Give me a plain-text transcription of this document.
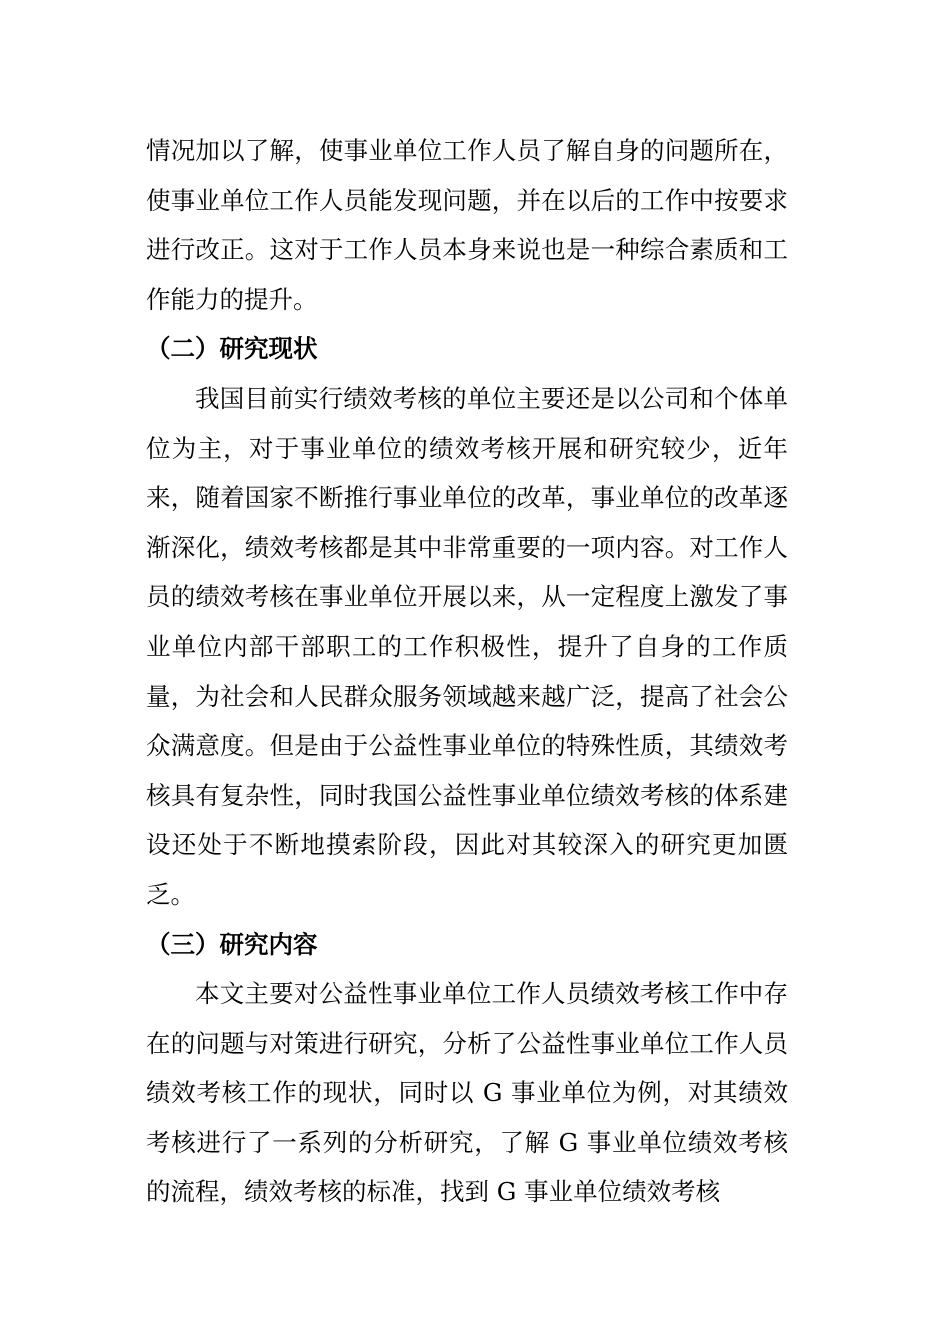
情况加以了解，使事业单位工作人员了解自身的问题所在，使事业单位工作人员能发现问题，并在以后的工作中按要求进行改正。这对于工作人员本身来说也是一种综合素质和工作能力的提升。

（二）研究现状

我国目前实行绩效考核的单位主要还是以公司和个体单位为主，对于事业单位的绩效考核开展和研究较少，近年来，随着国家不断推行事业单位的改革，事业单位的改革逐渐深化，绩效考核都是其中非常重要的一项内容。对工作人员的绩效考核在事业单位开展以来，从一定程度上激发了事业单位内部干部职工的工作积极性，提升了自身的工作质量，为社会和人民群众服务领域越来越广泛，提高了社会公众满意度。但是由于公益性事业单位的特殊性质，其绩效考核具有复杂性，同时我国公益性事业单位绩效考核的体系建设还处于不断地摸索阶段，因此对其较深入的研究更加匮乏。

（三）研究内容

本文主要对公益性事业单位工作人员绩效考核工作中存在的问题与对策进行研究，分析了公益性事业单位工作人员绩效考核工作的现状，同时以 G 事业单位为例，对其绩效考核进行了一系列的分析研究，了解 G 事业单位绩效考核的流程，绩效考核的标准，找到 G 事业单位绩效考核
